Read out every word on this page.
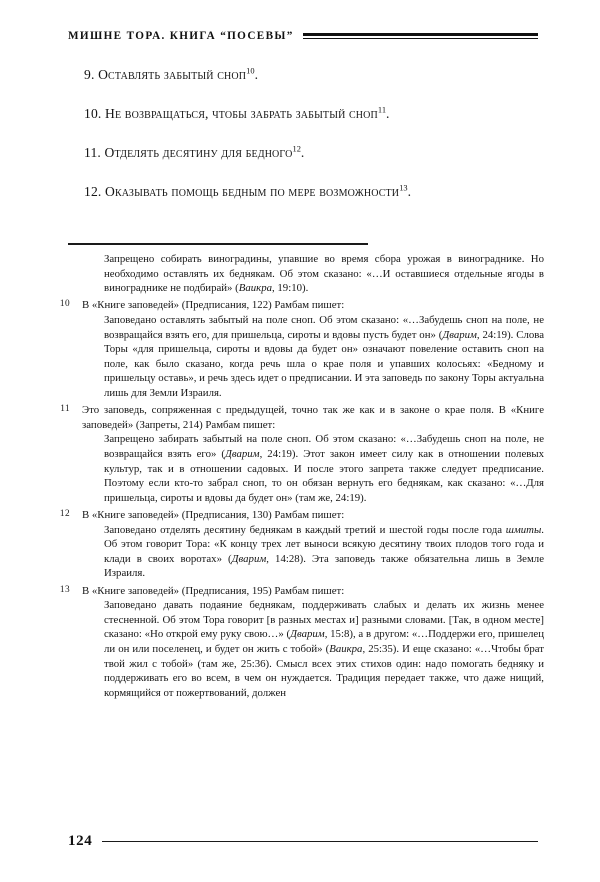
МИШНЕ ТОРА. КНИГА “ПОСЕВЫ”
9. Оставлять забытый сноп$^{10}$.
10. Не возвращаться, чтобы забрать забытый сноп$^{11}$.
11. Отделять десятину для бедного$^{12}$.
12. Оказывать помощь бедным по мере возможности$^{13}$.

Запрещено собирать виноградины, упавшие во время сбора урожая в винограднике. Но необходимо оставлять их беднякам. Об этом сказано: «…И оставшиеся отдельные ягоды в винограднике не подбирай» (Ваикра, 19:10).

10 В «Книге заповедей» (Предписания, 122) Рамбам пишет:

Заповедано оставлять забытый на поле сноп. Об этом сказано: «…Забудешь сноп на поле, не возвращайся взять его, для пришельца, сироты и вдовы пусть будет он» (Дварим, 24:19). Слова Торы «для пришельца, сироты и вдовы да будет он» означают повеление оставить сноп на поле, как было сказано, когда речь шла о крае поля и упавших колосьях: «Бедному и пришельцу оставь», и речь здесь идет о предписании. И эта заповедь по закону Торы актуальна лишь для Земли Израиля.

11 Это заповедь, сопряженная с предыдущей, точно так же как и в законе о крае поля. В «Книге заповедей» (Запреты, 214) Рамбам пишет:

Запрещено забирать забытый на поле сноп. Об этом сказано: «…Забудешь сноп на поле, не возвращайся взять его» (Дварим, 24:19). Этот закон имеет силу как в отношении полевых культур, так и в отношении садовых. И после этого запрета также следует предписание. Поэтому если кто-то забрал сноп, то он обязан вернуть его беднякам, как сказано: «…Для пришельца, сироты и вдовы да будет он» (там же, 24:19).

12 В «Книге заповедей» (Предписания, 130) Рамбам пишет:

Заповедано отделять десятину беднякам в каждый третий и шестой годы после года шмиты. Об этом говорит Тора: «К концу трех лет выноси всякую десятину твоих плодов того года и клади в своих воротах» (Дварим, 14:28). Эта заповедь также обязательна лишь в Земле Израиля.

13 В «Книге заповедей» (Предписания, 195) Рамбам пишет:

Заповедано давать подаяние беднякам, поддерживать слабых и делать их жизнь менее стесненной. Об этом Тора говорит [в разных местах и] разными словами. [Так, в одном месте] сказано: «Но открой ему руку свою…» (Дварим, 15:8), а в другом: «…Поддержи его, пришелец ли он или поселенец, и будет он жить с тобой» (Ваикра, 25:35). И еще сказано: «…Чтобы брат твой жил с тобой» (там же, 25:36). Смысл всех этих стихов один: надо помогать бедняку и поддерживать его во всем, в чем он нуждается. Традиция передает также, что даже нищий, кормящийся от пожертвований, должен

124
